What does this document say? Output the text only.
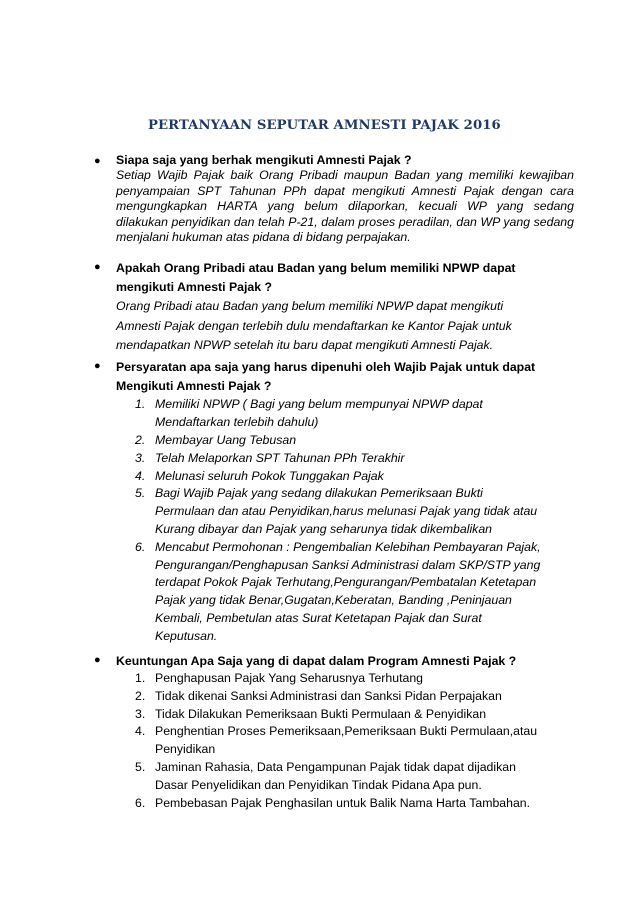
PERTANYAAN SEPUTAR AMNESTI PAJAK 2016
● Siapa saja yang berhak mengikuti Amnesti Pajak ?
Setiap Wajib Pajak baik Orang Pribadi maupun Badan yang memiliki kewajiban penyampaian SPT Tahunan PPh dapat mengikuti Amnesti Pajak dengan cara mengungkapkan HARTA yang belum dilaporkan, kecuali WP yang sedang dilakukan penyidikan dan telah P-21, dalam proses peradilan, dan WP yang sedang menjalani hukuman atas pidana di bidang perpajakan.
● Apakah Orang Pribadi atau Badan yang belum memiliki NPWP dapat
mengikuti Amnesti Pajak ?
Orang Pribadi atau Badan yang belum memiliki NPWP dapat mengikuti
Amnesti Pajak dengan terlebih dulu mendaftarkan ke Kantor Pajak untuk
mendapatkan NPWP setelah itu baru dapat mengikuti Amnesti Pajak.
● Persyaratan apa saja yang harus dipenuhi oleh Wajib Pajak untuk dapat
Mengikuti Amnesti Pajak ?
1. Memiliki NPWP ( Bagi yang belum mempunyai NPWP dapat
Mendaftarkan terlebih dahulu)
2. Membayar Uang Tebusan
3. Telah Melaporkan SPT Tahunan PPh Terakhir
4. Melunasi seluruh Pokok Tunggakan Pajak
5. Bagi Wajib Pajak yang sedang dilakukan Pemeriksaan Bukti
Permulaan dan atau Penyidikan,harus melunasi Pajak yang tidak atau
Kurang dibayar dan Pajak yang seharunya tidak dikembalikan
6. Mencabut Permohonan : Pengembalian Kelebihan Pembayaran Pajak,
Pengurangan/Penghapusan Sanksi Administrasi dalam SKP/STP yang
terdapat Pokok Pajak Terhutang,Pengurangan/Pembatalan Ketetapan
Pajak yang tidak Benar,Gugatan,Keberatan, Banding ,Peninjauan
Kembali, Pembetulan atas Surat Ketetapan Pajak dan Surat
Keputusan.
● Keuntungan Apa Saja yang di dapat dalam Program Amnesti Pajak ?
1. Penghapusan Pajak Yang Seharusnya Terhutang
2. Tidak dikenai Sanksi Administrasi dan Sanksi Pidan Perpajakan
3. Tidak Dilakukan Pemeriksaan Bukti Permulaan & Penyidikan
4. Penghentian Proses Pemeriksaan,Pemeriksaan Bukti Permulaan,atau
Penyidikan
5. Jaminan Rahasia, Data Pengampunan Pajak tidak dapat dijadikan
Dasar Penyelidikan dan Penyidikan Tindak Pidana Apa pun.
6. Pembebasan Pajak Penghasilan untuk Balik Nama Harta Tambahan.
